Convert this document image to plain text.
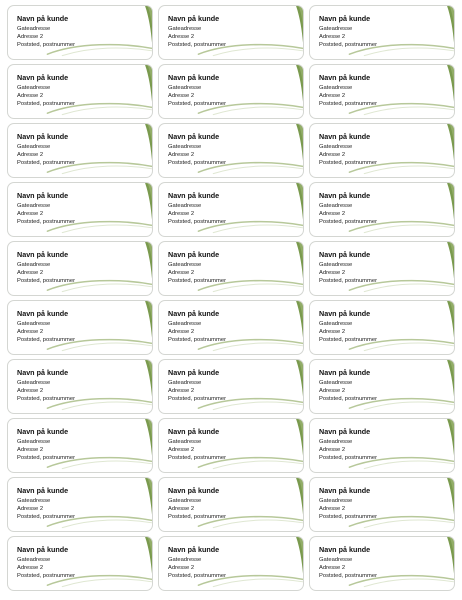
Navn på kunde
Gateadresse
Adresse 2
Poststed, postnummer
Navn på kunde
Gateadresse
Adresse 2
Poststed, postnummer
Navn på kunde
Gateadresse
Adresse 2
Poststed, postnummer
Navn på kunde
Gateadresse
Adresse 2
Poststed, postnummer
Navn på kunde
Gateadresse
Adresse 2
Poststed, postnummer
Navn på kunde
Gateadresse
Adresse 2
Poststed, postnummer
Navn på kunde
Gateadresse
Adresse 2
Poststed, postnummer
Navn på kunde
Gateadresse
Adresse 2
Poststed, postnummer
Navn på kunde
Gateadresse
Adresse 2
Poststed, postnummer
Navn på kunde
Gateadresse
Adresse 2
Poststed, postnummer
Navn på kunde
Gateadresse
Adresse 2
Poststed, postnummer
Navn på kunde
Gateadresse
Adresse 2
Poststed, postnummer
Navn på kunde
Gateadresse
Adresse 2
Poststed, postnummer
Navn på kunde
Gateadresse
Adresse 2
Poststed, postnummer
Navn på kunde
Gateadresse
Adresse 2
Poststed, postnummer
Navn på kunde
Gateadresse
Adresse 2
Poststed, postnummer
Navn på kunde
Gateadresse
Adresse 2
Poststed, postnummer
Navn på kunde
Gateadresse
Adresse 2
Poststed, postnummer
Navn på kunde
Gateadresse
Adresse 2
Poststed, postnummer
Navn på kunde
Gateadresse
Adresse 2
Poststed, postnummer
Navn på kunde
Gateadresse
Adresse 2
Poststed, postnummer
Navn på kunde
Gateadresse
Adresse 2
Poststed, postnummer
Navn på kunde
Gateadresse
Adresse 2
Poststed, postnummer
Navn på kunde
Gateadresse
Adresse 2
Poststed, postnummer
Navn på kunde
Gateadresse
Adresse 2
Poststed, postnummer
Navn på kunde
Gateadresse
Adresse 2
Poststed, postnummer
Navn på kunde
Gateadresse
Adresse 2
Poststed, postnummer
Navn på kunde
Gateadresse
Adresse 2
Poststed, postnummer
Navn på kunde
Gateadresse
Adresse 2
Poststed, postnummer
Navn på kunde
Gateadresse
Adresse 2
Poststed, postnummer
